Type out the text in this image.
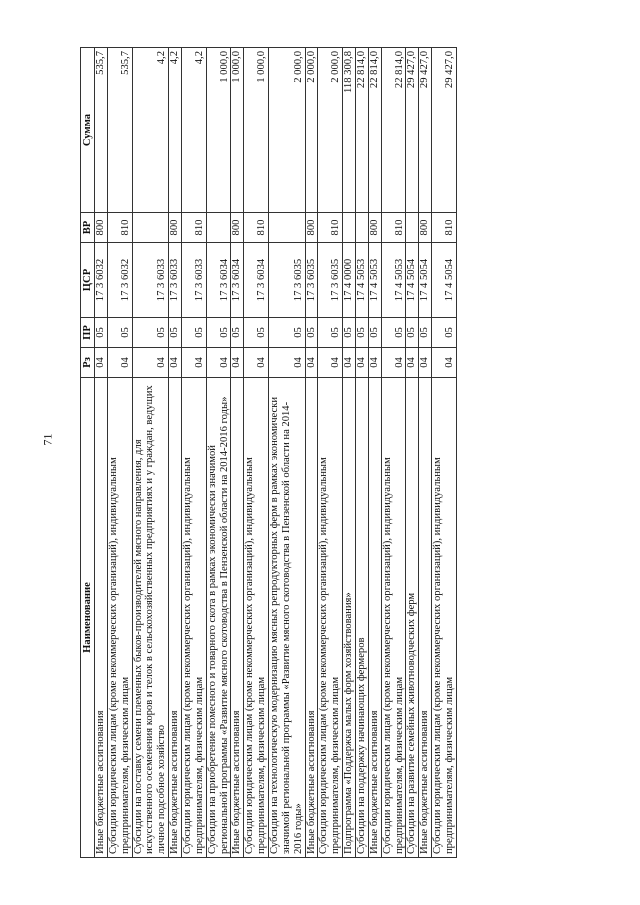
71
Наименование	Рз	ПР	ЦСР	ВР	Сумма
Иные бюджетные ассигнования	04	05	17 3 6032	800	535,7
Субсидии юридическим лицам (кроме некоммерческих организаций), индивидуальным предпринимателям, физическим лицам	04	05	17 3 6032	810	535,7
Субсидии на поставку семени племенных быков-производителей мясного направления, для искусственного осеменения коров и телок в сельскохозяйственных предприятиях и у граждан, ведущих личное подсобное хозяйство	04	05	17 3 6033		4,2
Иные бюджетные ассигнования	04	05	17 3 6033	800	4,2
Субсидии юридическим лицам (кроме некоммерческих организаций), индивидуальным предпринимателям, физическим лицам	04	05	17 3 6033	810	4,2
Субсидии на приобретение помесного и товарного скота в рамках экономически значимой региональной программы «Развитие мясного скотоводства в Пензенской области на 2014-2016 годы»	04	05	17 3 6034		1 000,0
Иные бюджетные ассигнования	04	05	17 3 6034	800	1 000,0
Субсидии юридическим лицам (кроме некоммерческих организаций), индивидуальным предпринимателям, физическим лицам	04	05	17 3 6034	810	1 000,0
Субсидии на технологическую модернизацию мясных репродукторных ферм в рамках экономически значимой региональной программы «Развитие мясного скотоводства в Пензенской области на 2014-2016 годы»	04	05	17 3 6035		2 000,0
Иные бюджетные ассигнования	04	05	17 3 6035	800	2 000,0
Субсидии юридическим лицам (кроме некоммерческих организаций), индивидуальным предпринимателям, физическим лицам	04	05	17 3 6035	810	2 000,0
Подпрограмма «Поддержка малых форм хозяйствования»	04	05	17 4 0000		118 300,8
Субсидии на поддержку начинающих фермеров	04	05	17 4 5053		22 814,0
Иные бюджетные ассигнования	04	05	17 4 5053	800	22 814,0
Субсидии юридическим лицам (кроме некоммерческих организаций), индивидуальным предпринимателям, физическим лицам	04	05	17 4 5053	810	22 814,0
Субсидии на развитие семейных животноводческих ферм	04	05	17 4 5054		29 427,0
Иные бюджетные ассигнования	04	05	17 4 5054	800	29 427,0
Субсидии юридическим лицам (кроме некоммерческих организаций), индивидуальным предпринимателям, физическим лицам	04	05	17 4 5054	810	29 427,0
